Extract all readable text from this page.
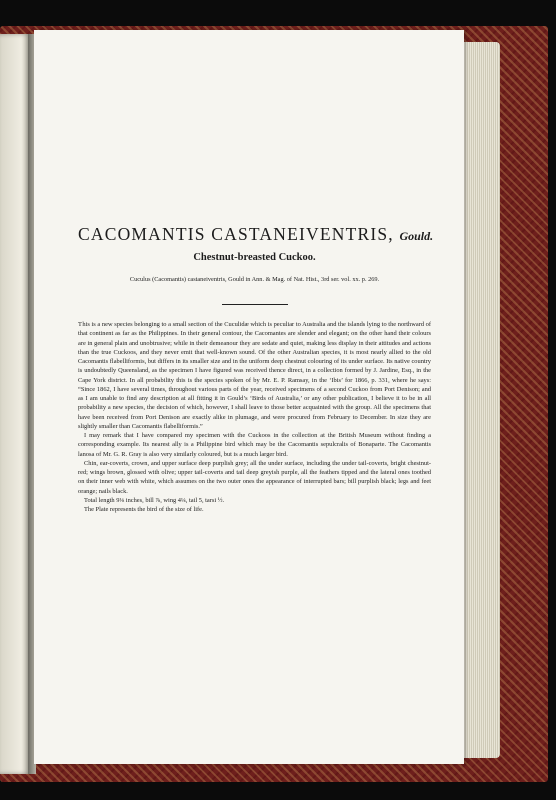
CACOMANTIS CASTANEIVENTRIS, Gould.

Chestnut-breasted Cuckoo.

Cuculus (Cacomantis) castaneiventris, Gould in Ann. & Mag. of Nat. Hist., 3rd ser. vol. xx. p. 269.

This is a new species belonging to a small section of the Cuculidæ which is peculiar to Australia and the islands lying to the northward of that continent as far as the Philippines. In their general contour, the Cacomantes are slender and elegant; on the other hand their colours are in general plain and unobtrusive; while in their demeanour they are sedate and quiet, making less display in their attitudes and actions than the true Cuckoos, and they never emit that well-known sound. Of the other Australian species, it is most nearly allied to the old Cacomantis flabelliformis, but differs in its smaller size and in the uniform deep chestnut colouring of its under surface. Its native country is undoubtedly Queensland, as the specimen I have figured was received thence direct, in a collection formed by J. Jardine, Esq., in the Cape York district. In all probability this is the species spoken of by Mr. E. P. Ramsay, in the ‘Ibis’ for 1866, p. 331, where he says: “Since 1862, I have several times, throughout various parts of the year, received specimens of a second Cuckoo from Port Denison; and as I am unable to find any description at all fitting it in Gould’s ‘Birds of Australia,’ or any other publication, I believe it to be in all probability a new species, the decision of which, however, I shall leave to those better acquainted with the group. All the specimens that have been received from Port Denison are exactly alike in plumage, and were procured from February to December. In size they are slightly smaller than Cacomantis flabelliformis.”

I may remark that I have compared my specimen with the Cuckoos in the collection at the British Museum without finding a corresponding example. Its nearest ally is a Philippine bird which may be the Cacomantis sepulcralis of Bonaparte. The Cacomantis lanosa of Mr. G. R. Gray is also very similarly coloured, but is a much larger bird.

Chin, ear-coverts, crown, and upper surface deep purplish grey; all the under surface, including the under tail-coverts, bright chestnut-red; wings brown, glossed with olive; upper tail-coverts and tail deep greyish purple, all the feathers tipped and the lateral ones toothed on their inner web with white, which assumes on the two outer ones the appearance of interrupted bars; bill purplish black; legs and feet orange; nails black.

Total length 9⅛ inches, bill ⅞, wing 4¼, tail 5, tarsi ½.

The Plate represents the bird of the size of life.
